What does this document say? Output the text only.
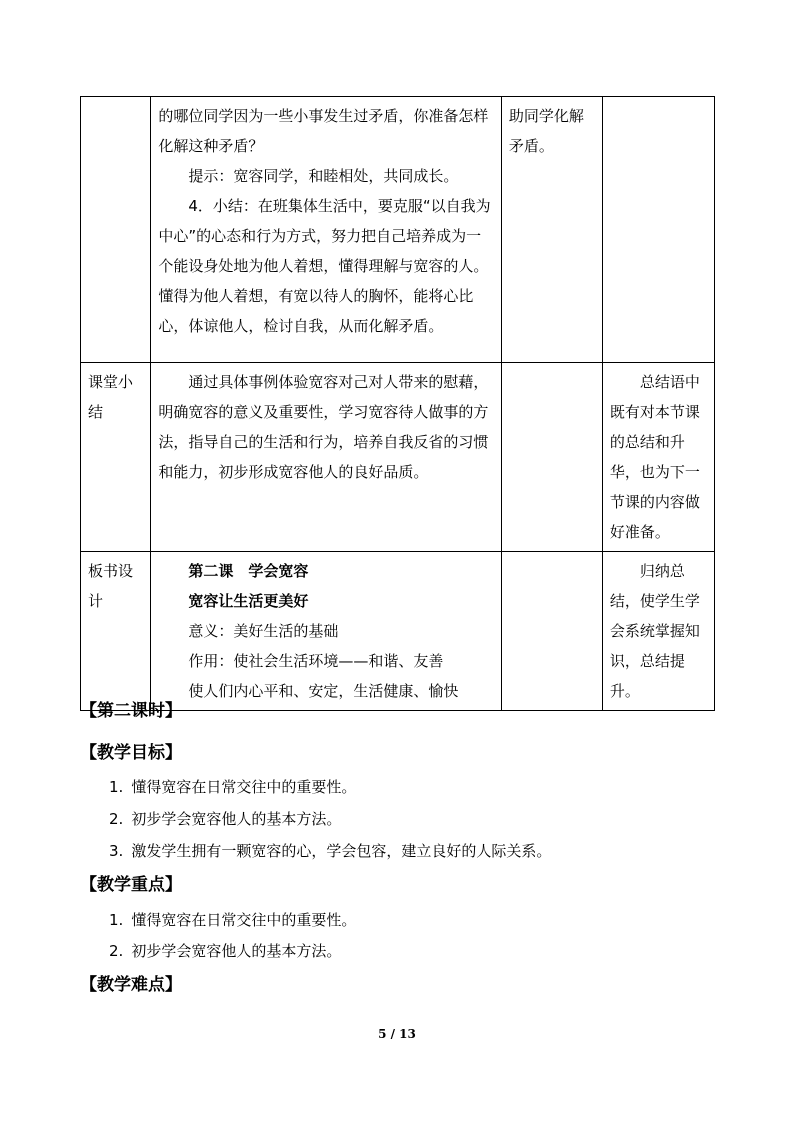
	的哪位同学因为一些小事发生过矛盾，你准备怎样化解这种矛盾？

提示：宽容同学，和睦相处，共同成长。

4．小结：在班集体生活中，要克服“以自我为中心”的心态和行为方式，努力把自己培养成为一个能设身处地为他人着想，懂得理解与宽容的人。懂得为他人着想，有宽以待人的胸怀，能将心比心，体谅他人，检讨自我，从而化解矛盾。	助同学化解矛盾。	
课堂小结	通过具体事例体验宽容对己对人带来的慰藉，明确宽容的意义及重要性，学习宽容待人做事的方法，指导自己的生活和行为，培养自我反省的习惯和能力，初步形成宽容他人的良好品质。		总结语中既有对本节课的总结和升华，也为下一节课的内容做好准备。

板书设计	第二课　学会宽容

宽容让生活更美好

意义：美好生活的基础

作用：使社会生活环境——和谐、友善

使人们内心平和、安定，生活健康、愉快		归纳总结，使学生学会系统掌握知识，总结提升。

【第二课时】
【教学目标】
1. 懂得宽容在日常交往中的重要性。
2. 初步学会宽容他人的基本方法。
3. 激发学生拥有一颗宽容的心，学会包容，建立良好的人际关系。
【教学重点】
1. 懂得宽容在日常交往中的重要性。
2. 初步学会宽容他人的基本方法。
【教学难点】
5 / 13
